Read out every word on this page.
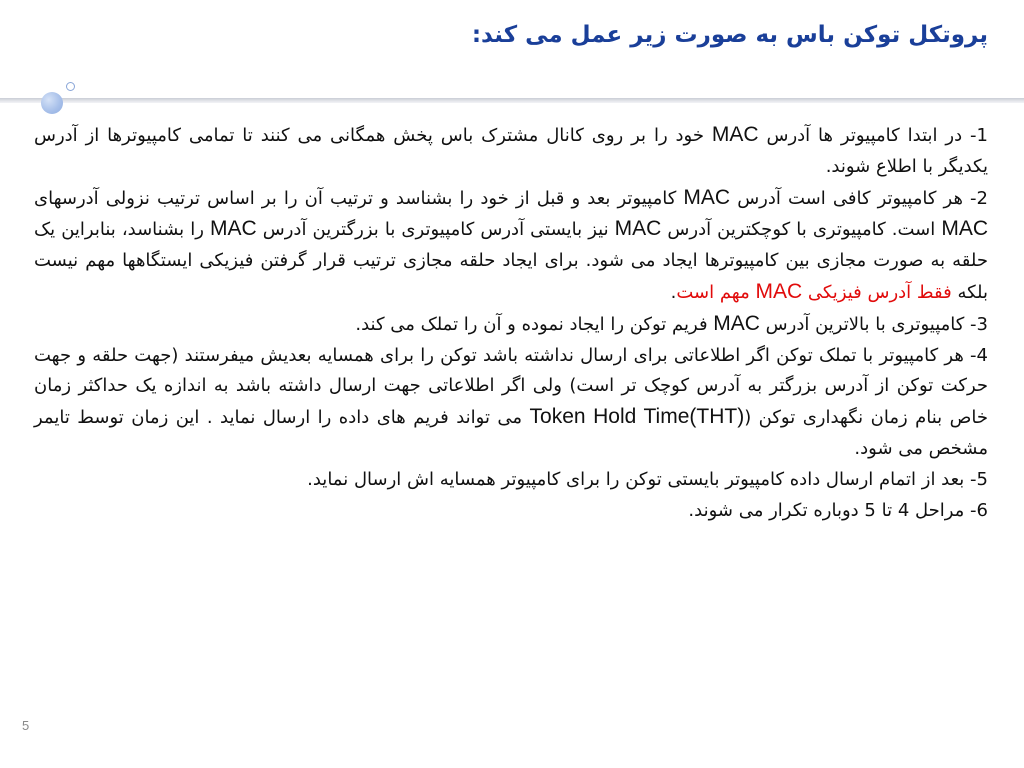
پروتکل توکن باس به صورت زیر عمل می کند:

1- در ابتدا کامپیوتر ها آدرس MAC خود را بر روی کانال مشترک باس پخش همگانی می کنند تا تمامی کامپیوترها از آدرس یکدیگر با اطلاع شوند.

2- هر کامپیوتر کافی است آدرس MAC کامپیوتر بعد و قبل از خود را بشناسد و ترتیب آن را بر اساس ترتیب نزولی آدرسهای MAC است. کامپیوتری با کوچکترین آدرس MAC نیز بایستی آدرس کامپیوتری با بزرگترین آدرس MAC را بشناسد، بنابراین یک حلقه به صورت مجازی بین کامپیوترها ایجاد می شود. برای ایجاد حلقه مجازی ترتیب قرار گرفتن فیزیکی ایستگاهها مهم نیست بلکه فقط آدرس فیزیکی MAC مهم است.

3- کامپیوتری با بالاترین آدرس MAC فریم توکن را ایجاد نموده و آن را تملک می کند.

4- هر کامپیوتر با تملک توکن اگر اطلاعاتی برای ارسال نداشته باشد توکن را برای همسایه بعدیش میفرستند (جهت حلقه و جهت حرکت توکن از آدرس بزرگتر به آدرس کوچک تر است) ولی اگر اطلاعاتی جهت ارسال داشته باشد به اندازه یک حداکثر زمان خاص بنام زمان نگهداری توکن (Token Hold Time(THT) می تواند فریم های داده را ارسال نماید . این زمان توسط تایمر مشخص می شود.

5- بعد از اتمام ارسال داده کامپیوتر بایستی توکن را برای کامپیوتر همسایه اش ارسال نماید.

6- مراحل 4 تا 5 دوباره تکرار می شوند.

5
